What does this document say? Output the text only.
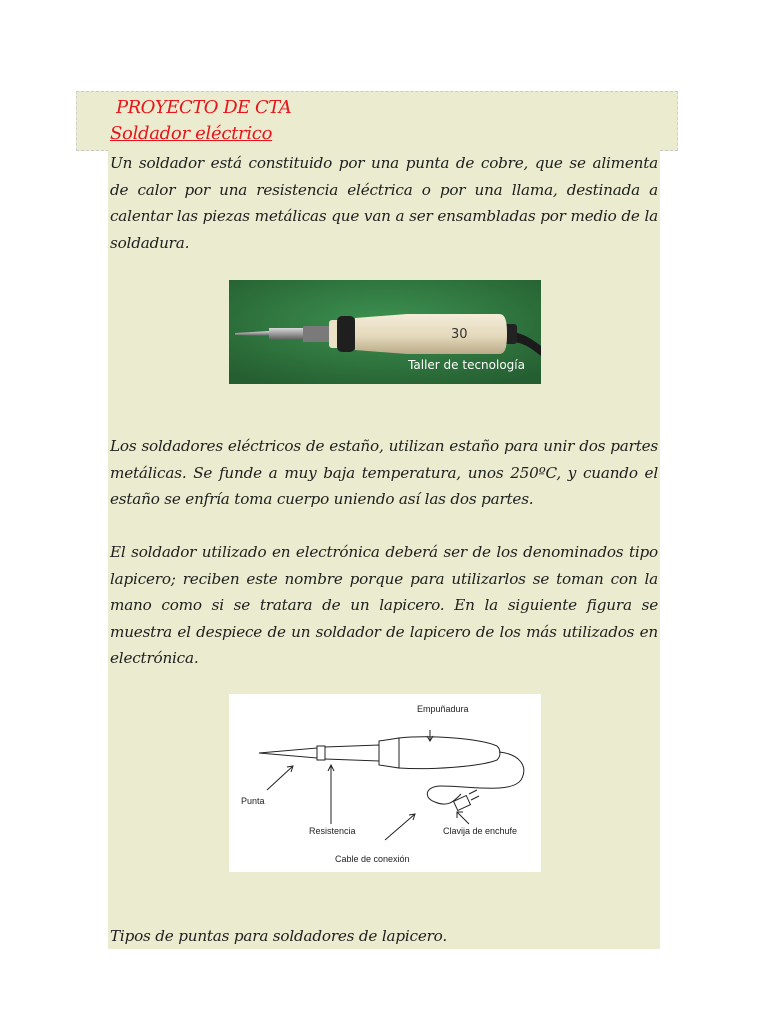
PROYECTO DE CTA
Soldador eléctrico

Un soldador está constituido por una punta de cobre, que se alimenta de calor por una resistencia eléctrica o por una llama, destinada a calentar las piezas metálicas que van a ser ensambladas por medio de la soldadura.

30
Taller de tecnología

Los soldadores eléctricos de estaño, utilizan estaño para unir dos partes metálicas. Se funde a muy baja temperatura, unos 250ºC, y cuando el estaño se enfría toma cuerpo uniendo así las dos partes.

El soldador utilizado en electrónica deberá ser de los denominados tipo lapicero; reciben este nombre porque para utilizarlos se toman con la mano como si se tratara de un lapicero. En la siguiente figura se muestra el despiece de un soldador de lapicero de los más utilizados en electrónica.

Empuñadura
Punta
Resistencia	Clavija de enchufe
Cable de conexión

Tipos de puntas para soldadores de lapicero.
